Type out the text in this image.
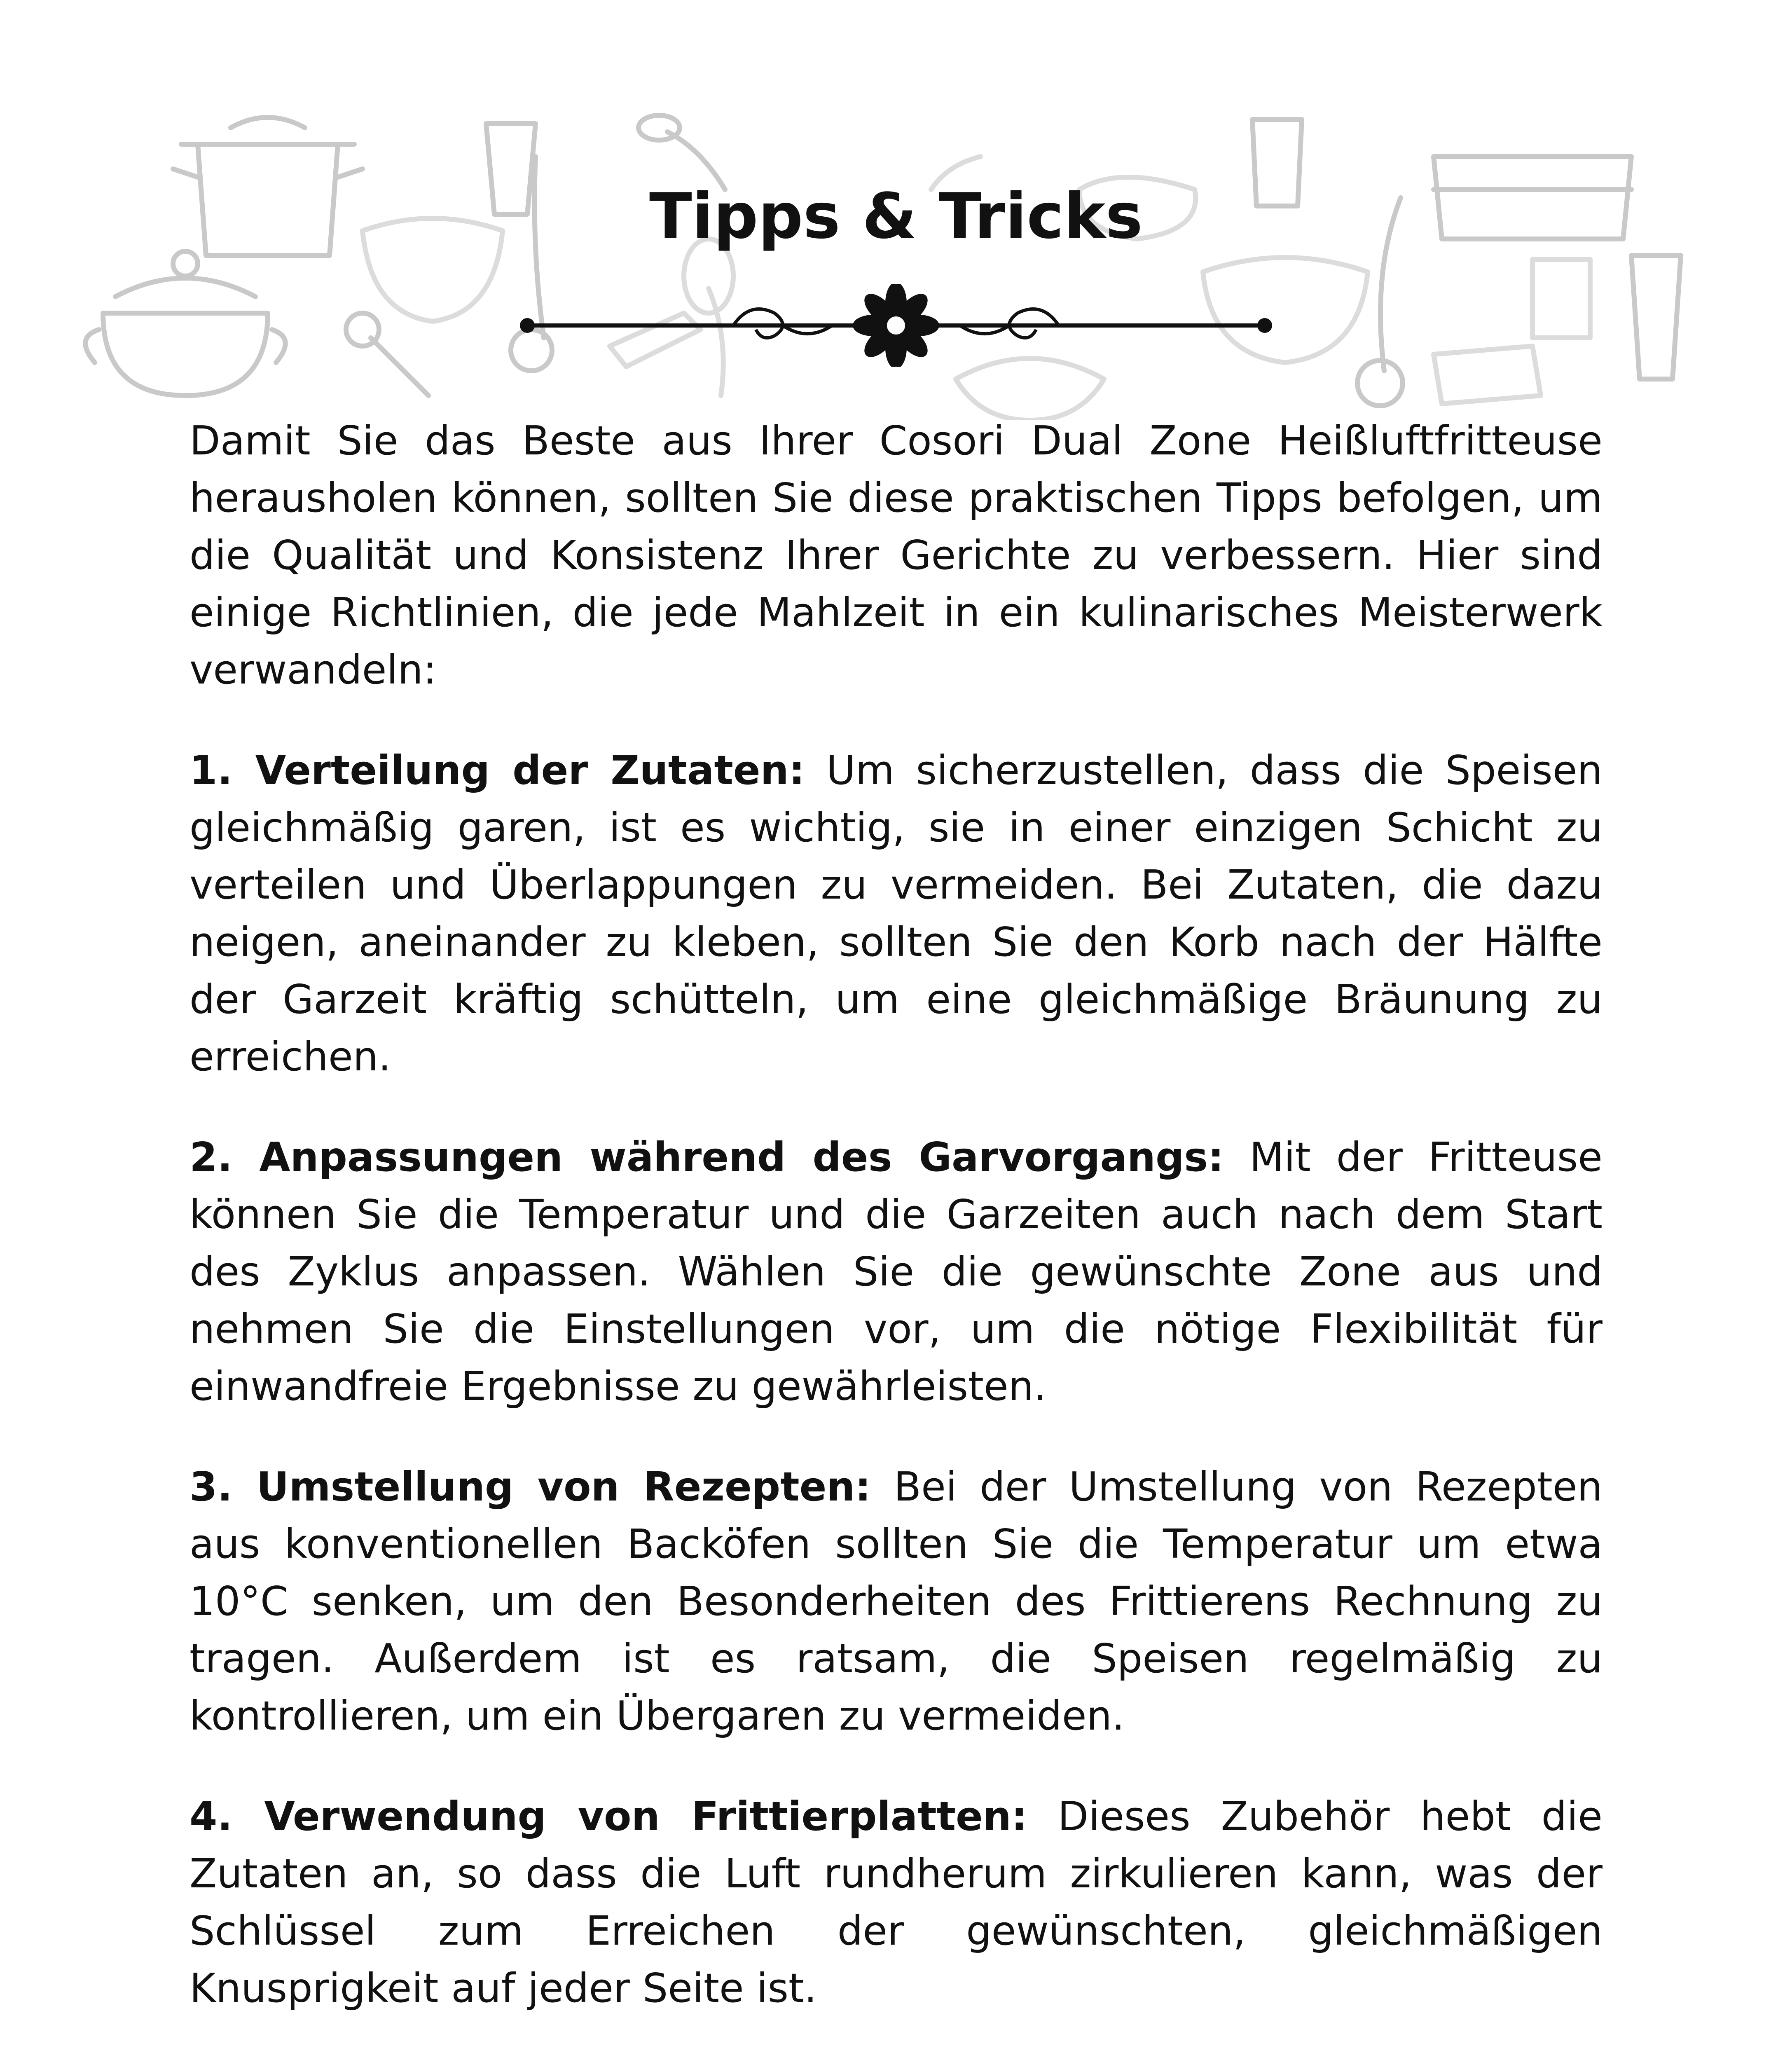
Tipps & Tricks

Damit Sie das Beste aus Ihrer Cosori Dual Zone Heißluftfritteuse herausholen können, sollten Sie diese praktischen Tipps befolgen, um die Qualität und Konsistenz Ihrer Gerichte zu verbessern. Hier sind einige Richtlinien, die jede Mahlzeit in ein kulinarisches Meisterwerk verwandeln:

1. Verteilung der Zutaten: Um sicherzustellen, dass die Speisen gleichmäßig garen, ist es wichtig, sie in einer einzigen Schicht zu verteilen und Überlappungen zu vermeiden. Bei Zutaten, die dazu neigen, aneinander zu kleben, sollten Sie den Korb nach der Hälfte der Garzeit kräftig schütteln, um eine gleichmäßige Bräunung zu erreichen.

2. Anpassungen während des Garvorgangs: Mit der Fritteuse können Sie die Temperatur und die Garzeiten auch nach dem Start des Zyklus anpassen. Wählen Sie die gewünschte Zone aus und nehmen Sie die Einstellungen vor, um die nötige Flexibilität für einwandfreie Ergebnisse zu gewährleisten.

3. Umstellung von Rezepten: Bei der Umstellung von Rezepten aus konventionellen Backöfen sollten Sie die Temperatur um etwa 10°C senken, um den Besonderheiten des Frittierens Rechnung zu tragen. Außerdem ist es ratsam, die Speisen regelmäßig zu kontrollieren, um ein Übergaren zu vermeiden.

4. Verwendung von Frittierplatten: Dieses Zubehör hebt die Zutaten an, so dass die Luft rundherum zirkulieren kann, was der Schlüssel zum Erreichen der gewünschten, gleichmäßigen Knusprigkeit auf jeder Seite ist.
